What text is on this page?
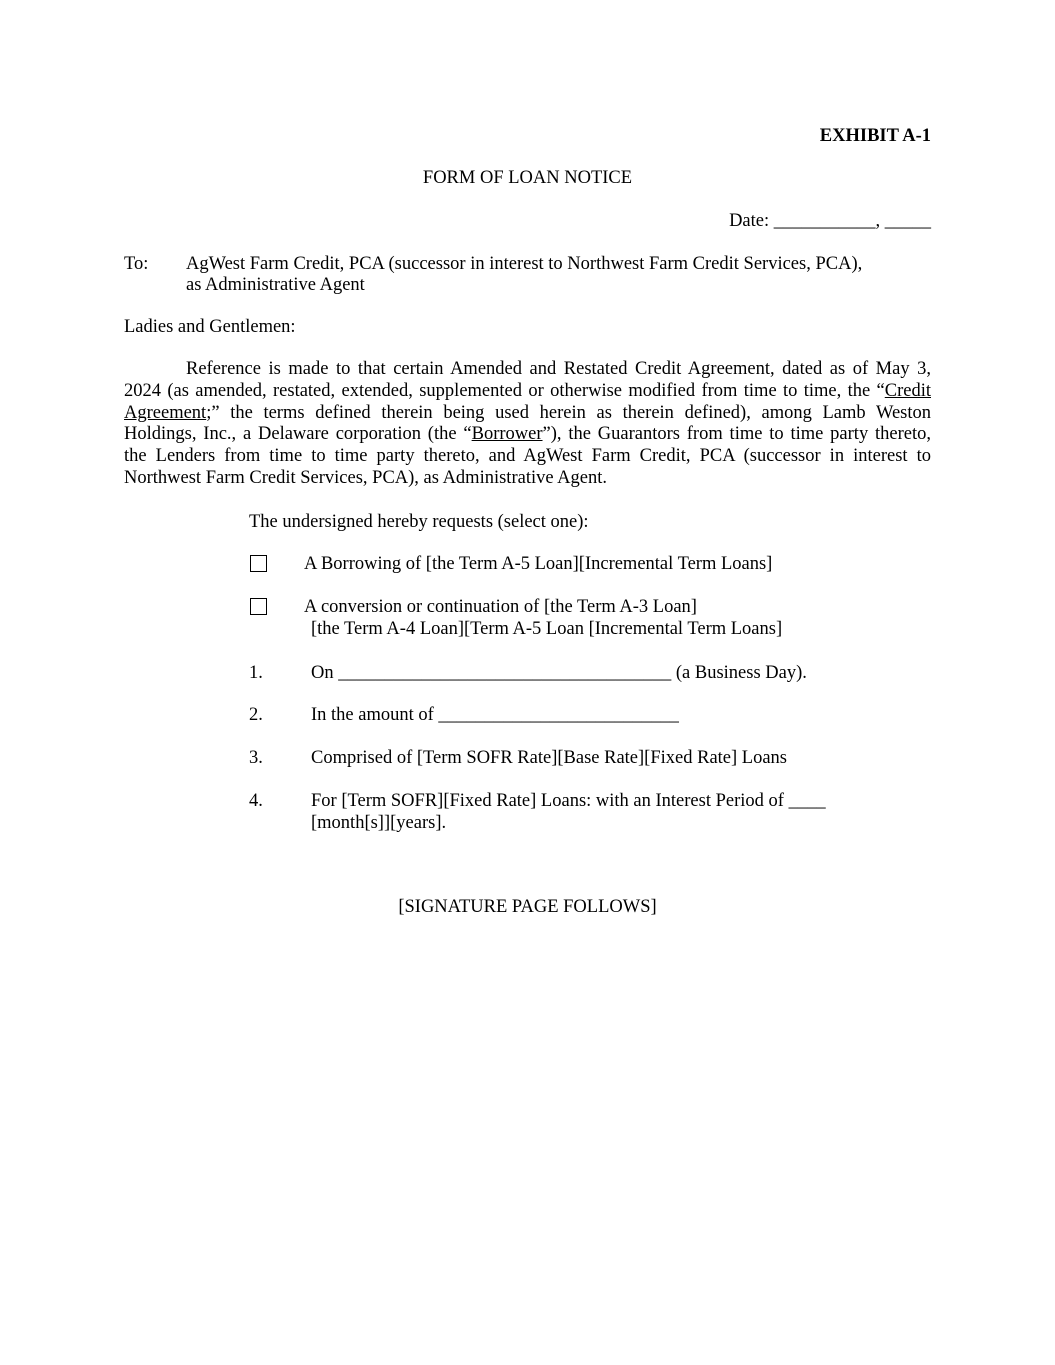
EXHIBIT A-1
FORM OF LOAN NOTICE
Date: ___________, _____
To: AgWest Farm Credit, PCA (successor in interest to Northwest Farm Credit Services, PCA),
as Administrative Agent
Ladies and Gentlemen:
Reference is made to that certain Amended and Restated Credit Agreement, dated as of May 3,
2024 (as amended, restated, extended, supplemented or otherwise modified from time to time, the “Credit
Agreement;” the terms defined therein being used herein as therein defined), among Lamb Weston
Holdings, Inc., a Delaware corporation (the “Borrower”), the Guarantors from time to time party thereto,
the Lenders from time to time party thereto, and AgWest Farm Credit, PCA (successor in interest to
Northwest Farm Credit Services, PCA), as Administrative Agent.
The undersigned hereby requests (select one):
A Borrowing of [the Term A-5 Loan][Incremental Term Loans]
A conversion or continuation of [the Term A-3 Loan]
[the Term A-4 Loan][Term A-5 Loan [Incremental Term Loans]
1.	On ____________________________________ (a Business Day).
2.	In the amount of __________________________
3.	Comprised of [Term SOFR Rate][Base Rate][Fixed Rate] Loans
4.	For [Term SOFR][Fixed Rate] Loans: with an Interest Period of ____
[month[s]][years].
[SIGNATURE PAGE FOLLOWS]
